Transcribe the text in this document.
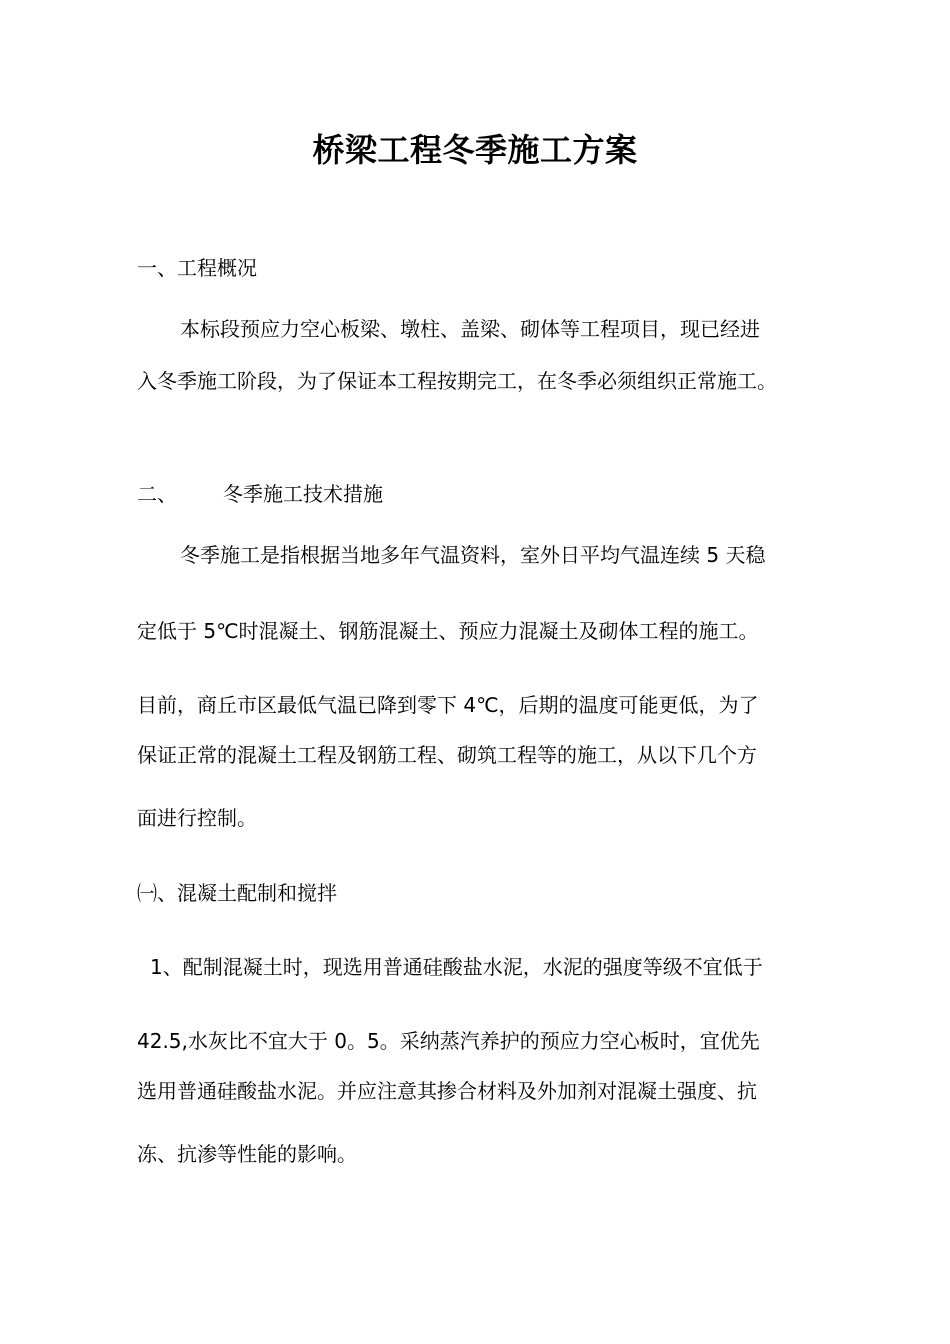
桥梁工程冬季施工方案

一、工程概况

本标段预应力空心板梁、墩柱、盖梁、砌体等工程项目，现已经进

入冬季施工阶段，为了保证本工程按期完工，在冬季必须组织正常施工。

二、 冬季施工技术措施

冬季施工是指根据当地多年气温资料，室外日平均气温连续 5 天稳

定低于 5℃时混凝土、钢筋混凝土、预应力混凝土及砌体工程的施工。

目前，商丘市区最低气温已降到零下 4℃，后期的温度可能更低，为了

保证正常的混凝土工程及钢筋工程、砌筑工程等的施工，从以下几个方

面进行控制。

㈠、混凝土配制和搅拌

1、配制混凝土时，现选用普通硅酸盐水泥，水泥的强度等级不宜低于

42.5,水灰比不宜大于 0。5。采纳蒸汽养护的预应力空心板时，宜优先

选用普通硅酸盐水泥。并应注意其掺合材料及外加剂对混凝土强度、抗

冻、抗渗等性能的影响。
